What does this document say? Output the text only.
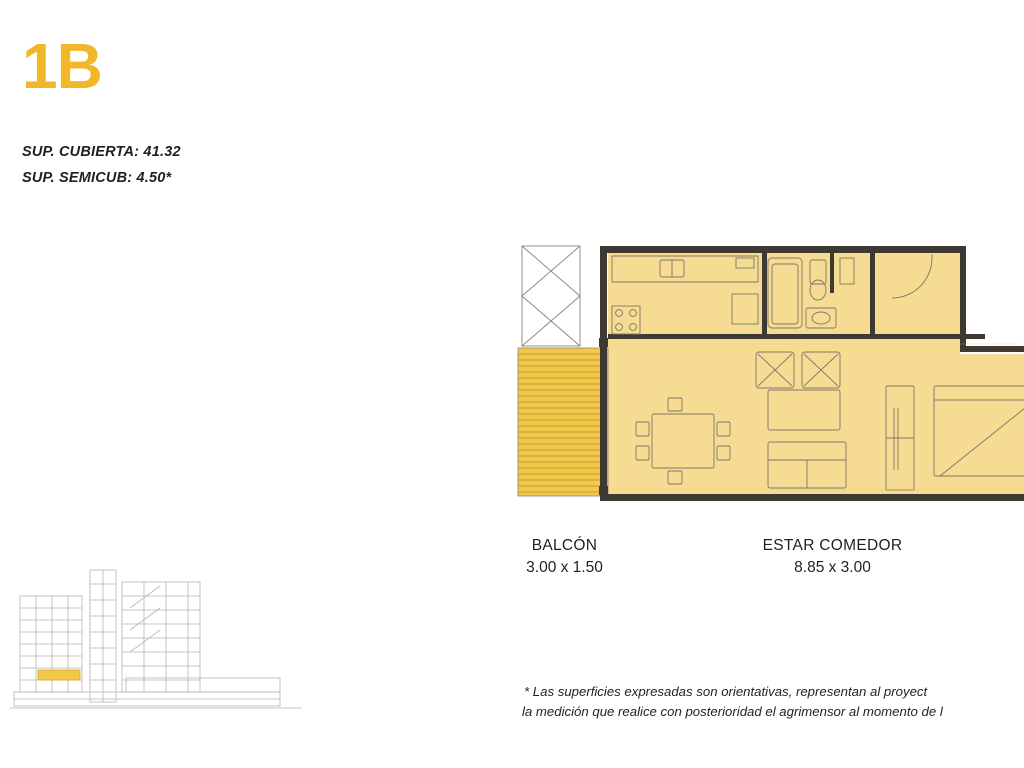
1B
SUP. CUBIERTA: 41.32
SUP. SEMICUB: 4.50*
BALCÓN
3.00 x 1.50
ESTAR COMEDOR
8.85 x 3.00
* Las superficies expresadas son orientativas, representan al proyect
la medición que realice con posterioridad el agrimensor al momento de l
